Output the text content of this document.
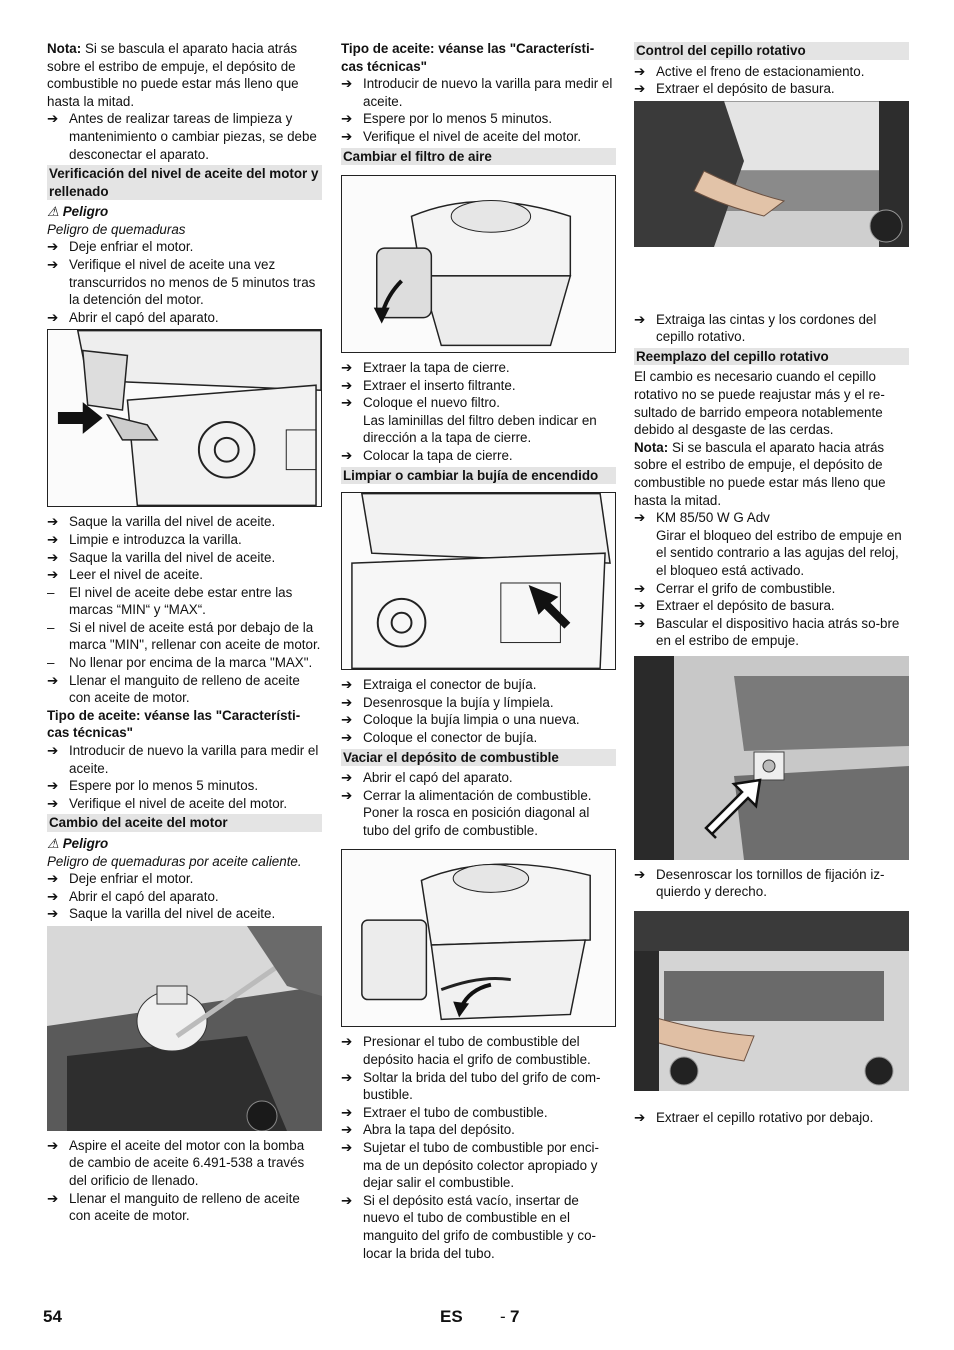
Nota: Si se bascula el aparato hacia atrás sobre el estribo de empuje, el depósito de combustible no puede estar más lleno que hasta la mitad.

➔ Antes de realizar tareas de limpieza y mantenimiento o cambiar piezas, se debe desconectar el aparato.
Verificación del nivel de aceite del motor y rellenado

⚠ Peligro

Peligro de quemaduras

➔ Deje enfriar el motor.
➔ Verifique el nivel de aceite una vez transcurridos no menos de 5 minutos tras la detención del motor.
➔ Abrir el capó del aparato.
➔ Saque la varilla del nivel de aceite.
➔ Limpie e introduzca la varilla.
➔ Saque la varilla del nivel de aceite.
➔ Leer el nivel de aceite.
– El nivel de aceite debe estar entre las marcas “MIN“ y “MAX“.
– Si el nivel de aceite está por debajo de la marca "MIN", rellenar con aceite de motor.
– No llenar por encima de la marca "MAX".
➔ Llenar el manguito de relleno de aceite con aceite de motor.

Tipo de aceite: véanse las "Característi-cas técnicas"

➔ Introducir de nuevo la varilla para medir el aceite.
➔ Espere por lo menos 5 minutos.
➔ Verifique el nivel de aceite del motor.
Cambio del aceite del motor

⚠ Peligro

Peligro de quemaduras por aceite caliente.

➔ Deje enfriar el motor.
➔ Abrir el capó del aparato.
➔ Saque la varilla del nivel de aceite.
➔ Aspire el aceite del motor con la bomba de cambio de aceite 6.491-538 a través del orificio de llenado.
➔ Llenar el manguito de relleno de aceite con aceite de motor.

Tipo de aceite: véanse las "Característi-cas técnicas"

➔ Introducir de nuevo la varilla para medir el aceite.
➔ Espere por lo menos 5 minutos.
➔ Verifique el nivel de aceite del motor.
Cambiar el filtro de aire
➔ Extraer la tapa de cierre.
➔ Extraer el inserto filtrante.
➔ Coloque el nuevo filtro.
Las laminillas del filtro deben indicar en dirección a la tapa de cierre.
➔ Colocar la tapa de cierre.
Limpiar o cambiar la bujía de encendido
➔ Extraiga el conector de bujía.
➔ Desenrosque la bujía y límpiela.
➔ Coloque la bujía limpia o una nueva.
➔ Coloque el conector de bujía.
Vaciar el depósito de combustible
➔ Abrir el capó del aparato.
➔ Cerrar la alimentación de combustible. Poner la rosca en posición diagonal al tubo del grifo de combustible.
➔ Presionar el tubo de combustible del depósito hacia el grifo de combustible.
➔ Soltar la brida del tubo del grifo de com-bustible.
➔ Extraer el tubo de combustible.
➔ Abra la tapa del depósito.
➔ Sujetar el tubo de combustible por enci-ma de un depósito colector apropiado y dejar salir el combustible.
➔ Si el depósito está vacío, insertar de nuevo el tubo de combustible en el manguito del grifo de combustible y co-locar la brida del tubo.
Control del cepillo rotativo
➔ Active el freno de estacionamiento.
➔ Extraer el depósito de basura.
➔ Extraiga las cintas y los cordones del cepillo rotativo.
Reemplazo del cepillo rotativo

El cambio es necesario cuando el cepillo rotativo no se puede reajustar más y el re-sultado de barrido empeora notablemente debido al desgaste de las cerdas.

Nota: Si se bascula el aparato hacia atrás sobre el estribo de empuje, el depósito de combustible no puede estar más lleno que hasta la mitad.

➔ KM 85/50 W G Adv
Girar el bloqueo del estribo de empuje en el sentido contrario a las agujas del reloj, el bloqueo está activado.
➔ Cerrar el grifo de combustible.
➔ Extraer el depósito de basura.
➔ Bascular el dispositivo hacia atrás so-bre en el estribo de empuje.
➔ Desenroscar los tornillos de fijación iz-quierdo y derecho.
➔ Extraer el cepillo rotativo por debajo.
54	ES - 7
